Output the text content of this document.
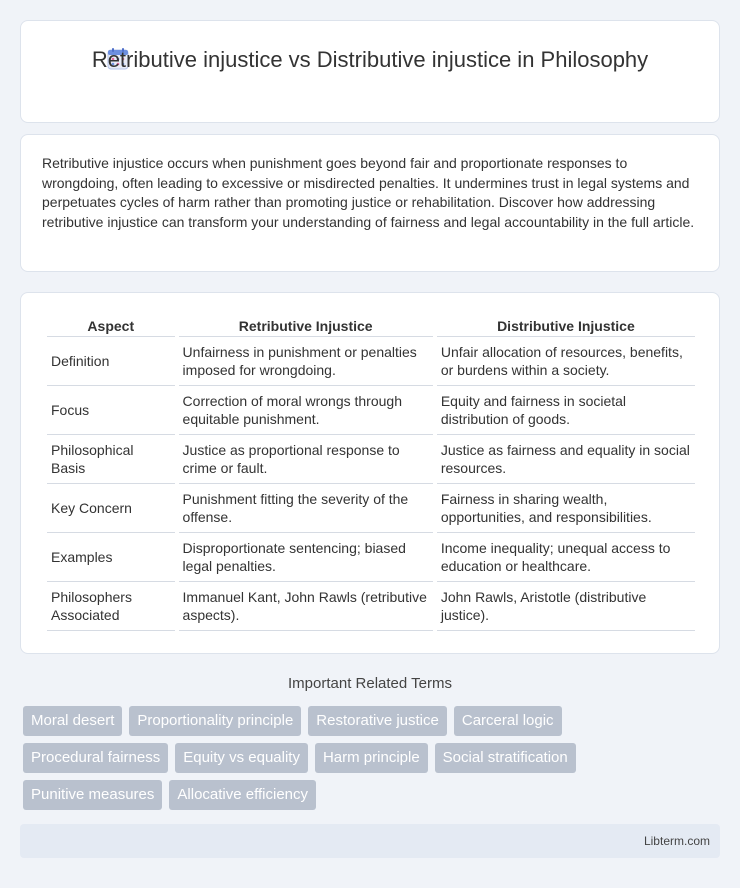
Retributive injustice vs Distributive injustice in Philosophy

Retributive injustice occurs when punishment goes beyond fair and proportionate responses to wrongdoing, often leading to excessive or misdirected penalties. It undermines trust in legal systems and perpetuates cycles of harm rather than promoting justice or rehabilitation. Discover how addressing retributive injustice can transform your understanding of fairness and legal accountability in the full article.

Aspect	Retributive Injustice	Distributive Injustice
Definition	Unfairness in punishment or penalties imposed for wrongdoing.	Unfair allocation of resources, benefits, or burdens within a society.
Focus	Correction of moral wrongs through equitable punishment.	Equity and fairness in societal distribution of goods.
Philosophical Basis	Justice as proportional response to crime or fault.	Justice as fairness and equality in social resources.
Key Concern	Punishment fitting the severity of the offense.	Fairness in sharing wealth, opportunities, and responsibilities.
Examples	Disproportionate sentencing; biased legal penalties.	Income inequality; unequal access to education or healthcare.
Philosophers Associated	Immanuel Kant, John Rawls (retributive aspects).	John Rawls, Aristotle (distributive justice).
Important Related Terms
Moral desert	Proportionality principle	Restorative justice	Carceral logic
Procedural fairness	Equity vs equality	Harm principle	Social stratification
Punitive measures	Allocative efficiency
Libterm.com
